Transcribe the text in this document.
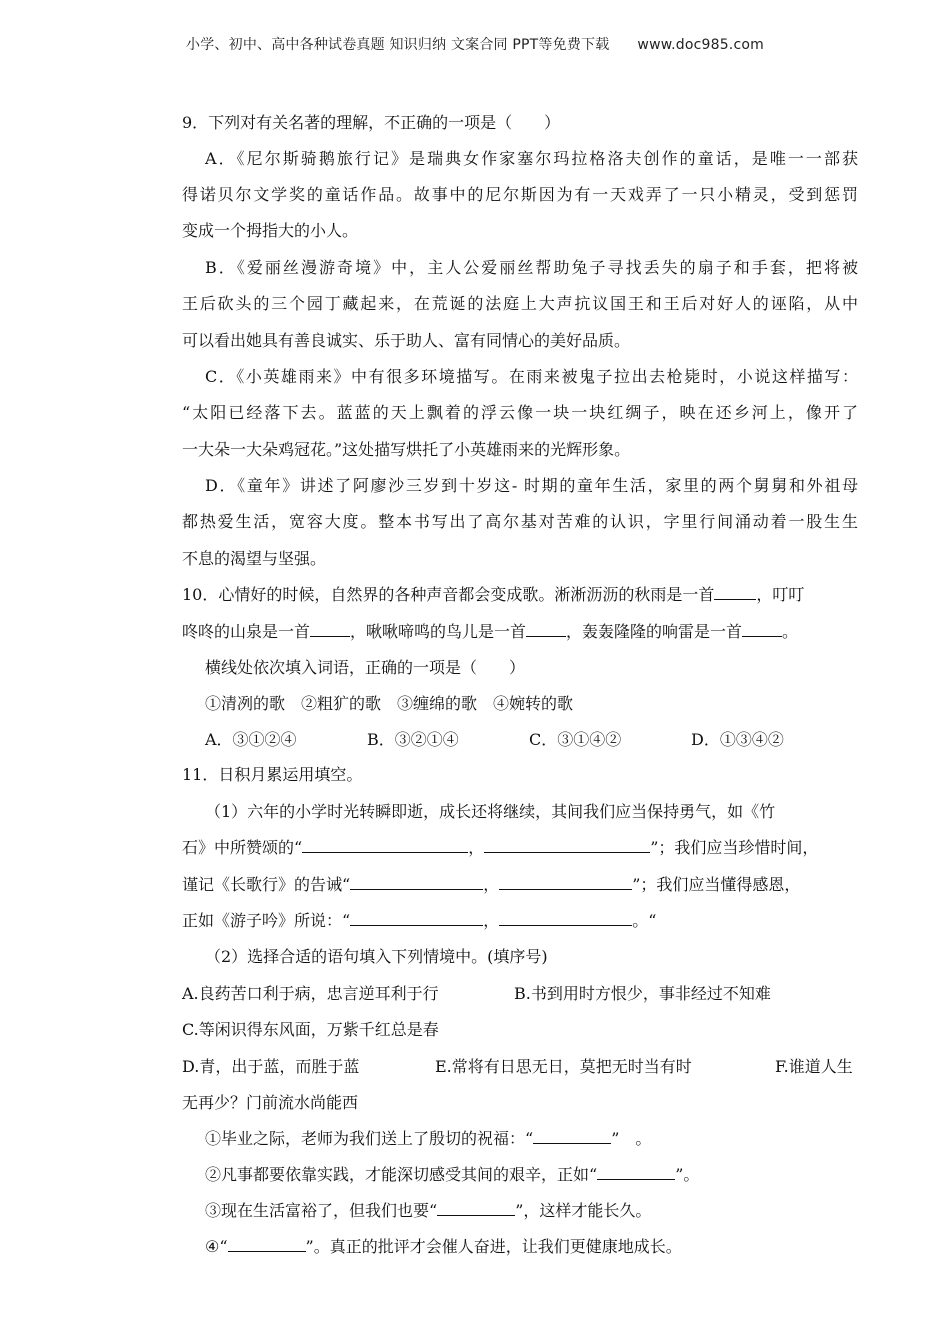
小学、初中、高中各种试卷真题 知识归纳 文案合同 PPT等免费下载 www.doc985.com
9．下列对有关名著的理解，不正确的一项是（　　）
A．《尼尔斯骑鹅旅行记》是瑞典女作家塞尔玛拉格洛夫创作的童话，是唯一一部获
得诺贝尔文学奖的童话作品。故事中的尼尔斯因为有一天戏弄了一只小精灵，受到惩罚
变成一个拇指大的小人。
B．《爱丽丝漫游奇境》中，主人公爱丽丝帮助兔子寻找丢失的扇子和手套，把将被
王后砍头的三个园丁藏起来，在荒诞的法庭上大声抗议国王和王后对好人的诬陷，从中
可以看出她具有善良诚实、乐于助人、富有同情心的美好品质。
C．《小英雄雨来》中有很多环境描写。在雨来被鬼子拉出去枪毙时，小说这样描写：
“太阳已经落下去。蓝蓝的天上飘着的浮云像一块一块红绸子，映在还乡河上，像开了
一大朵一大朵鸡冠花。”这处描写烘托了小英雄雨来的光辉形象。
D．《童年》讲述了阿廖沙三岁到十岁这- 时期的童年生活，家里的两个舅舅和外祖母
都热爱生活，宽容大度。整本书写出了高尔基对苦难的认识，字里行间涌动着一股生生
不息的渴望与坚强。
10．心情好的时候，自然界的各种声音都会变成歌。淅淅沥沥的秋雨是一首	，叮叮
咚咚的山泉是一首	，啾啾啼鸣的鸟儿是一首	，轰轰隆隆的响雷是一首	。
横线处依次填入词语，正确的一项是（　　）
①清冽的歌　②粗犷的歌　③缠绵的歌　④婉转的歌
A．③①②④	B．③②①④	C．③①④②	D．①③④②
11．日积月累运用填空。
（1）六年的小学时光转瞬即逝，成长还将继续，其间我们应当保持勇气，如《竹
石》中所赞颂的“	，	”；我们应当珍惜时间，
谨记《长歌行》的告诫“	，	”；我们应当懂得感恩，
正如《游子吟》所说：“	，	。“
（2）选择合适的语句填入下列情境中。(填序号)
A.良药苦口利于病，忠言逆耳利于行	B.书到用时方恨少，事非经过不知难
C.等闲识得东风面，万紫千红总是春
D.青，出于蓝，而胜于蓝	E.常将有日思无日，莫把无时当有时	F.谁道人生
无再少？门前流水尚能西
①毕业之际，老师为我们送上了殷切的祝福：“	”　。
②凡事都要依靠实践，才能深切感受其间的艰辛，正如“	”。
③现在生活富裕了，但我们也要“	”，这样才能长久。
④“	”。真正的批评才会催人奋进，让我们更健康地成长。
